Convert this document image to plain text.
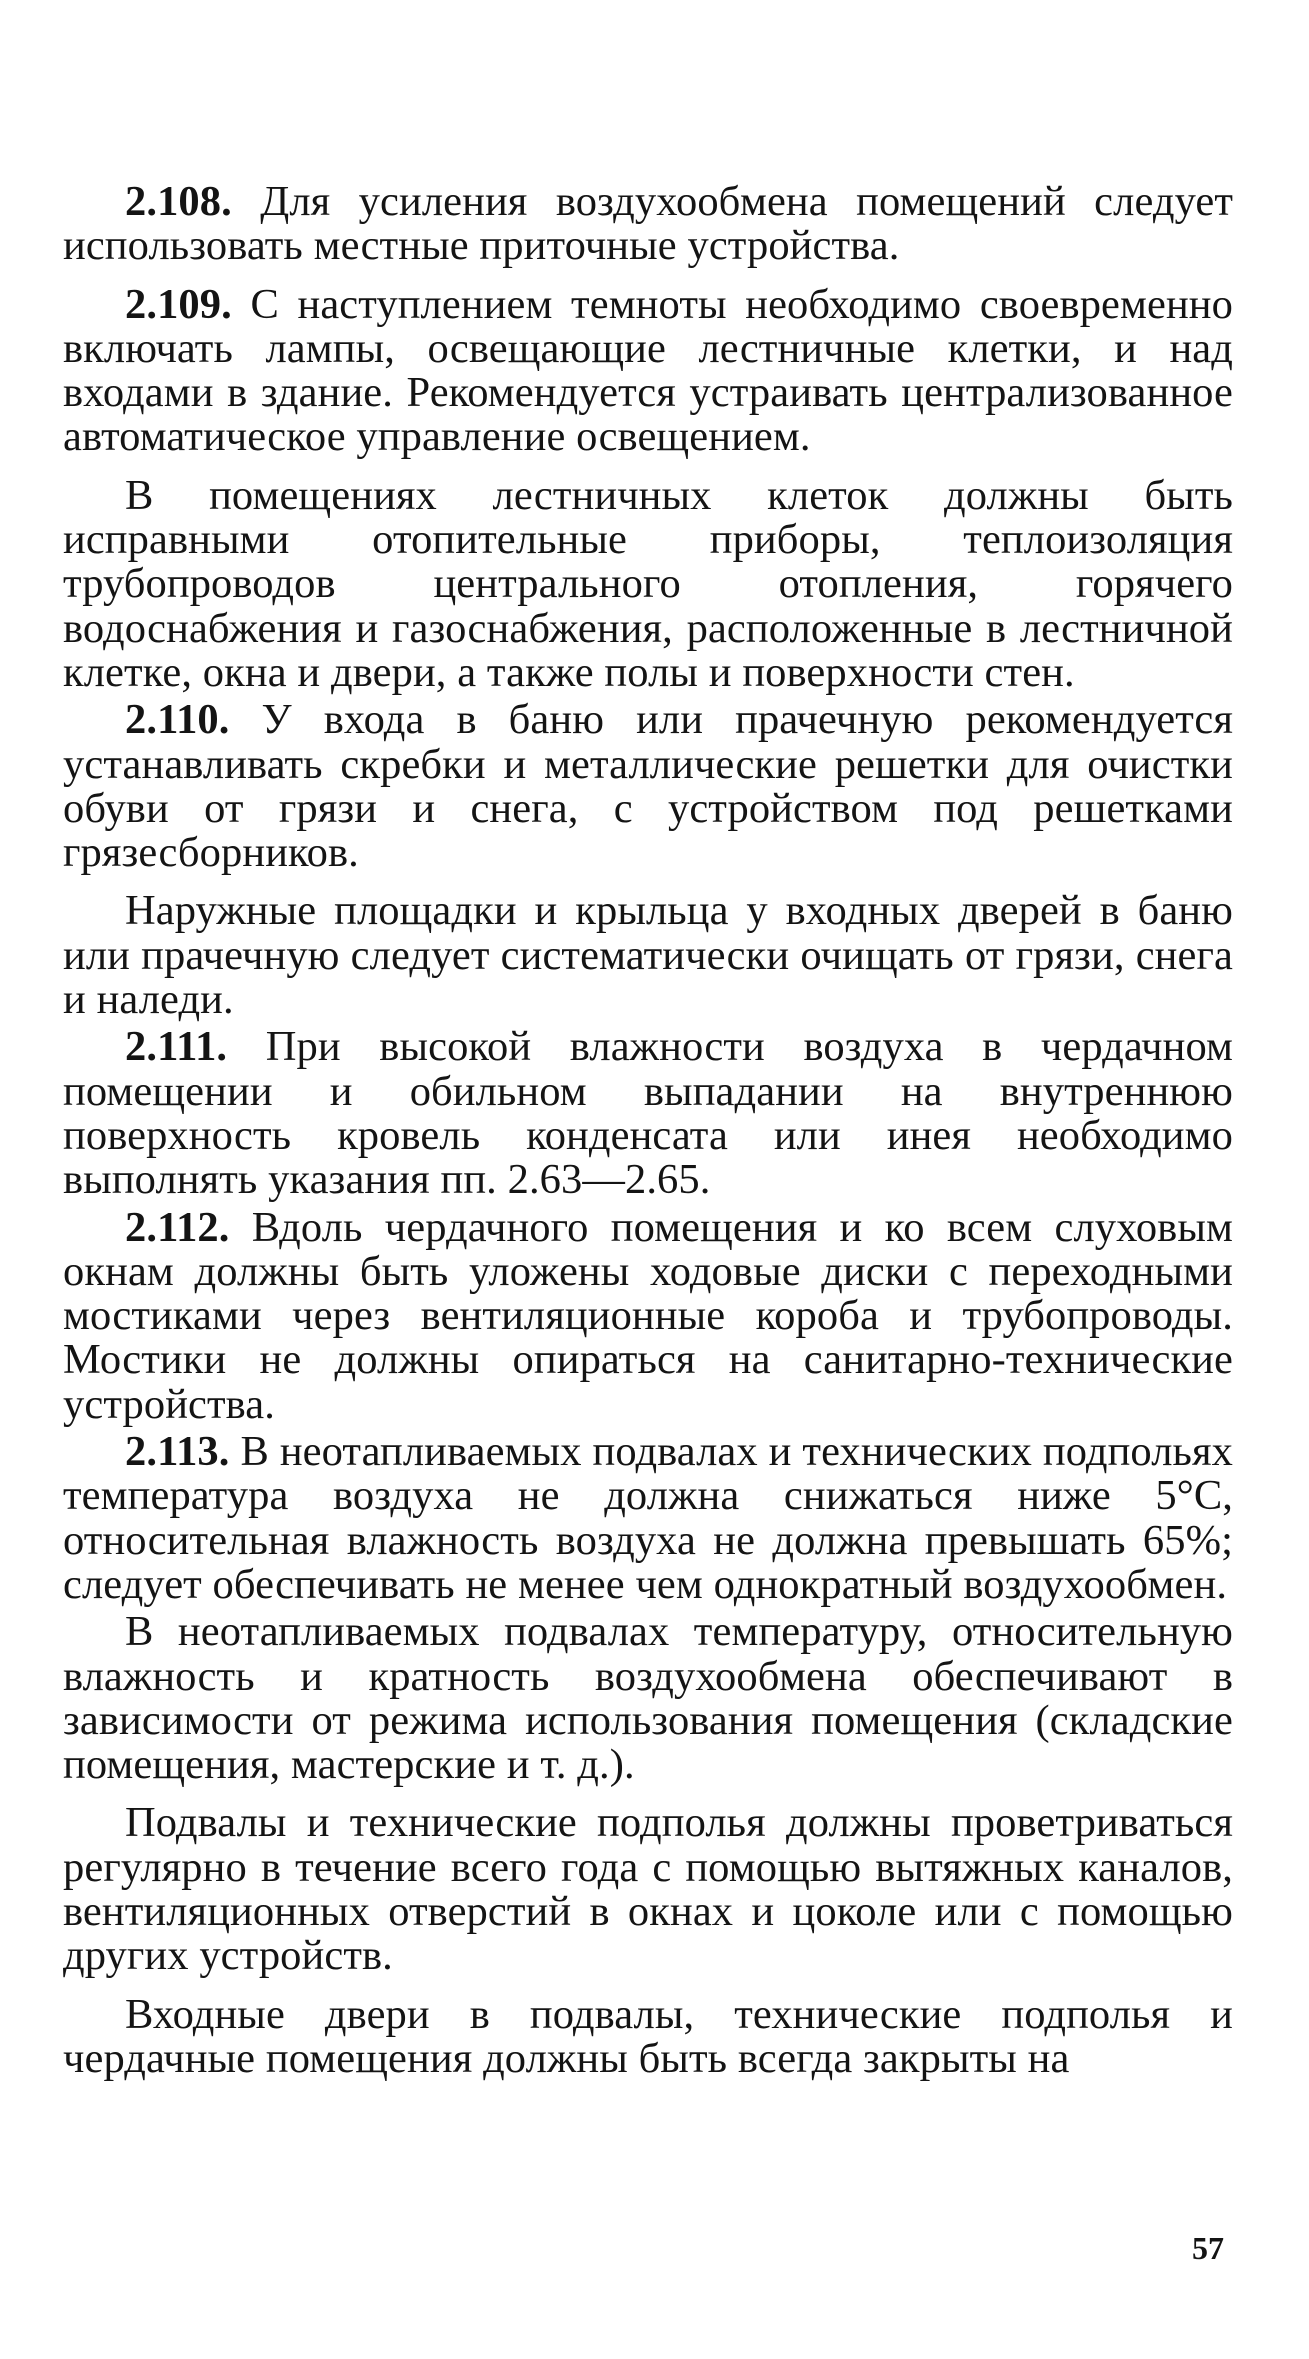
2.108. Для усиления воздухообмена помещений следует использовать местные приточные устройства.

2.109. С наступлением темноты необходимо своевременно включать лампы, освещающие лестничные клетки, и над входами в здание. Рекомендуется устраивать централизованное автоматическое управление освещением.

В помещениях лестничных клеток должны быть исправными отопительные приборы, теплоизоляция трубопроводов центрального отопления, горячего водоснабжения и газоснабжения, расположенные в лестничной клетке, окна и двери, а также полы и поверхности стен.

2.110. У входа в баню или прачечную рекомендуется устанавливать скребки и металлические решетки для очистки обуви от грязи и снега, с устройством под решетками грязесборников.

Наружные площадки и крыльца у входных дверей в баню или прачечную следует систематически очищать от грязи, снега и наледи.

2.111. При высокой влажности воздуха в чердачном помещении и обильном выпадании на внутреннюю поверхность кровель конденсата или инея необходимо выполнять указания пп. 2.63—2.65.

2.112. Вдоль чердачного помещения и ко всем слуховым окнам должны быть уложены ходовые диски с переходными мостиками через вентиляционные короба и трубопроводы. Мостики не должны опираться на санитарно-технические устройства.

2.113. В неотапливаемых подвалах и технических подпольях температура воздуха не должна снижаться ниже 5°С, относительная влажность воздуха не должна превышать 65%; следует обеспечивать не менее чем однократный воздухообмен.

В неотапливаемых подвалах температуру, относительную влажность и кратность воздухообмена обеспечивают в зависимости от режима использования помещения (складские помещения, мастерские и т. д.).

Подвалы и технические подполья должны проветриваться регулярно в течение всего года с помощью вытяжных каналов, вентиляционных отверстий в окнах и цоколе или с помощью других устройств.

Входные двери в подвалы, технические подполья и чердачные помещения должны быть всегда закрыты на

57
